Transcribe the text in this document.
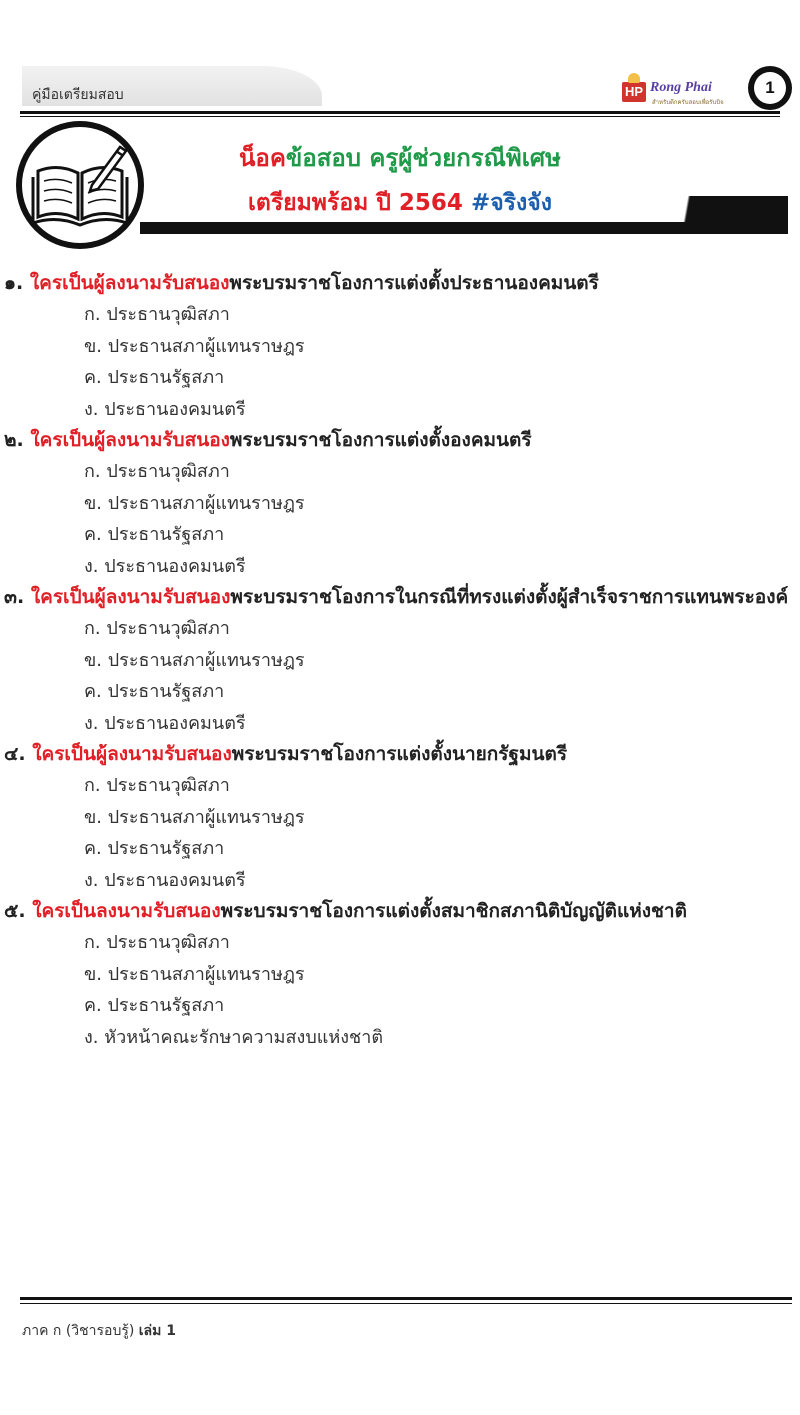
คู่มือเตรียมสอบ	HP Rong Phai
สำหรับตีกครับสอบเพื่อรับบิจ
1
น็อคข้อสอบ ครูผู้ช่วยกรณีพิเศษ
เตรียมพร้อม ปี 2564 #จริงจัง
๑. ใครเป็นผู้ลงนามรับสนองพระบรมราชโองการแต่งตั้งประธานองคมนตรี
ก. ประธานวุฒิสภา
ข. ประธานสภาผู้แทนราษฎร
ค. ประธานรัฐสภา
ง. ประธานองคมนตรี
๒. ใครเป็นผู้ลงนามรับสนองพระบรมราชโองการแต่งตั้งองคมนตรี
ก. ประธานวุฒิสภา
ข. ประธานสภาผู้แทนราษฎร
ค. ประธานรัฐสภา
ง. ประธานองคมนตรี
๓. ใครเป็นผู้ลงนามรับสนองพระบรมราชโองการในกรณีที่ทรงแต่งตั้งผู้สำเร็จราชการแทนพระองค์
ก. ประธานวุฒิสภา
ข. ประธานสภาผู้แทนราษฎร
ค. ประธานรัฐสภา
ง. ประธานองคมนตรี
๔. ใครเป็นผู้ลงนามรับสนองพระบรมราชโองการแต่งตั้งนายกรัฐมนตรี
ก. ประธานวุฒิสภา
ข. ประธานสภาผู้แทนราษฎร
ค. ประธานรัฐสภา
ง. ประธานองคมนตรี
๕. ใครเป็นลงนามรับสนองพระบรมราชโองการแต่งตั้งสมาชิกสภานิติบัญญัติแห่งชาติ
ก. ประธานวุฒิสภา
ข. ประธานสภาผู้แทนราษฎร
ค. ประธานรัฐสภา
ง. หัวหน้าคณะรักษาความสงบแห่งชาติ
ภาค ก (วิชารอบรู้) เล่ม 1
